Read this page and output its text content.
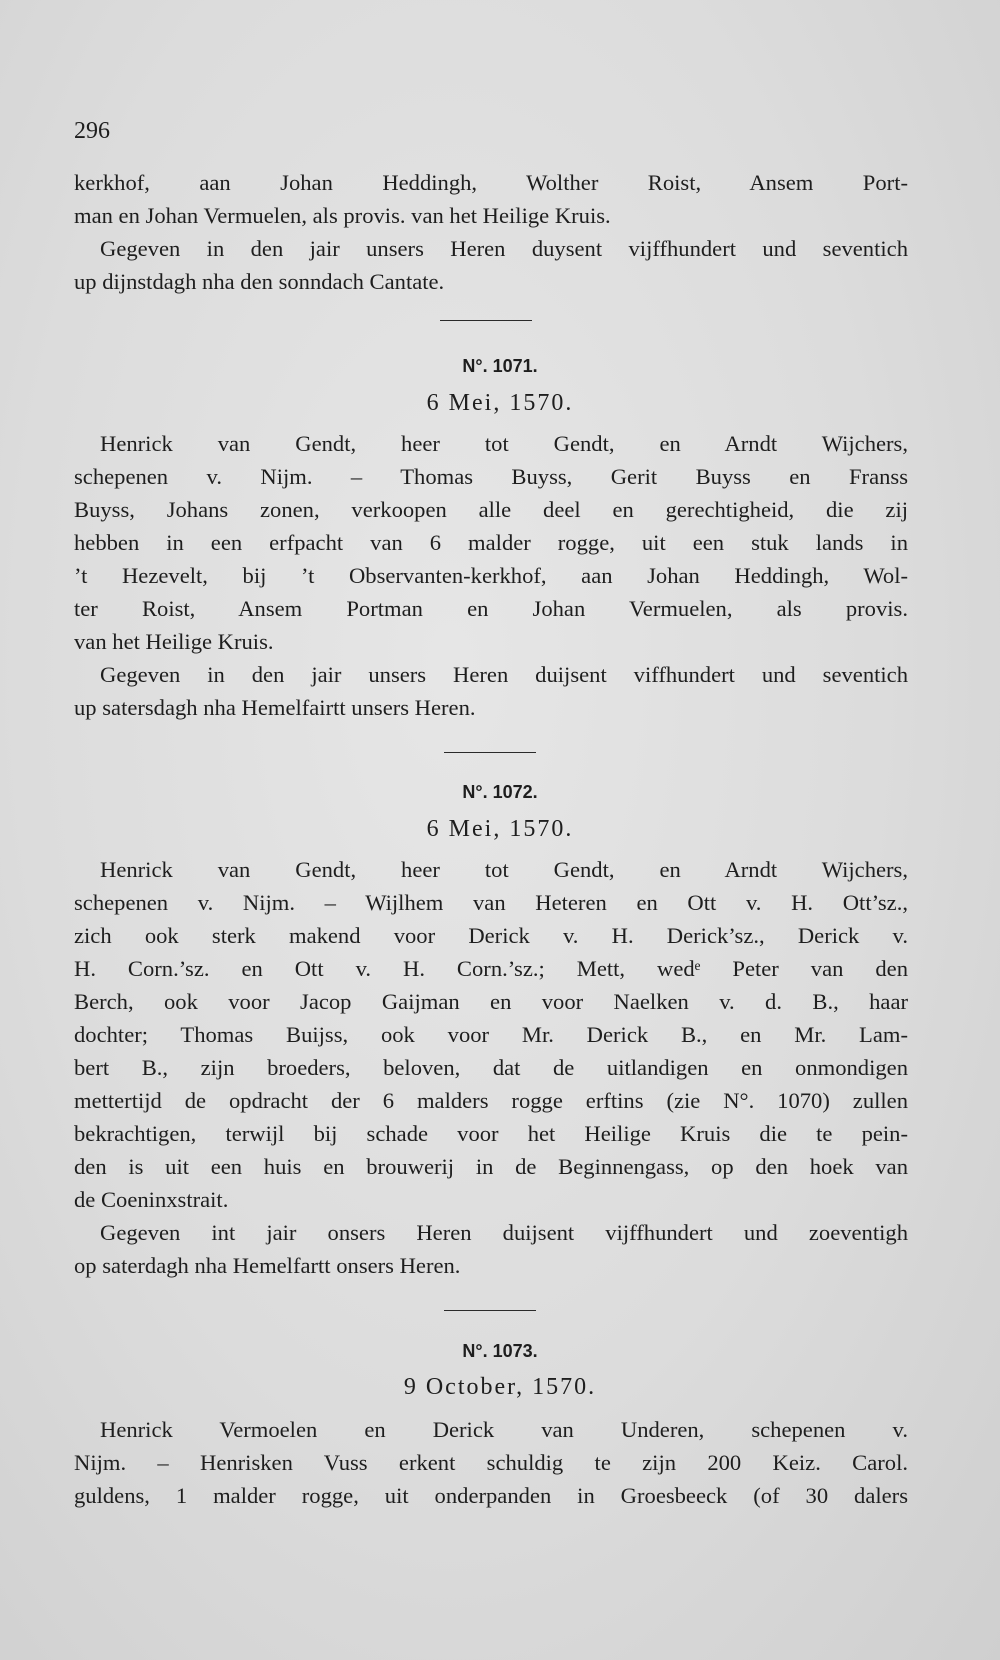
296
kerkhof, aan Johan Heddingh, Wolther Roist, Ansem Port-
man en Johan Vermuelen, als provis. van het Heilige Kruis.
Gegeven in den jair unsers Heren duysent vijffhundert und seventich
up dijnstdagh nha den sonndach Cantate.
N°. 1071.
6 Mei, 1570.
Henrick van Gendt, heer tot Gendt, en Arndt Wijchers,
schepenen v. Nijm. – Thomas Buyss, Gerit Buyss en Franss
Buyss, Johans zonen, verkoopen alle deel en gerechtigheid, die zij
hebben in een erfpacht van 6 malder rogge, uit een stuk lands in
’t Hezevelt, bij ’t Observanten-kerkhof, aan Johan Heddingh, Wol-
ter Roist, Ansem Portman en Johan Vermuelen, als provis.
van het Heilige Kruis.
Gegeven in den jair unsers Heren duijsent viffhundert und seventich
up satersdagh nha Hemelfairtt unsers Heren.
N°. 1072.
6 Mei, 1570.
Henrick van Gendt, heer tot Gendt, en Arndt Wijchers,
schepenen v. Nijm. – Wijlhem van Heteren en Ott v. H. Ott’sz.,
zich ook sterk makend voor Derick v. H. Derick’sz., Derick v.
H. Corn.’sz. en Ott v. H. Corn.’sz.; Mett, wedᵉ Peter van den
Berch, ook voor Jacop Gaijman en voor Naelken v. d. B., haar
dochter; Thomas Buijss, ook voor Mr. Derick B., en Mr. Lam-
bert B., zijn broeders, beloven, dat de uitlandigen en onmondigen
mettertijd de opdracht der 6 malders rogge erftins (zie N°. 1070) zullen
bekrachtigen, terwijl bij schade voor het Heilige Kruis die te pein-
den is uit een huis en brouwerij in de Beginnengass, op den hoek van
de Coeninxstrait.
Gegeven int jair onsers Heren duijsent vijffhundert und zoeventigh
op saterdagh nha Hemelfartt onsers Heren.
N°. 1073.
9 October, 1570.
Henrick Vermoelen en Derick van Underen, schepenen v.
Nijm. – Henrisken Vuss erkent schuldig te zijn 200 Keiz. Carol.
guldens, 1 malder rogge, uit onderpanden in Groesbeeck (of 30 dalers
